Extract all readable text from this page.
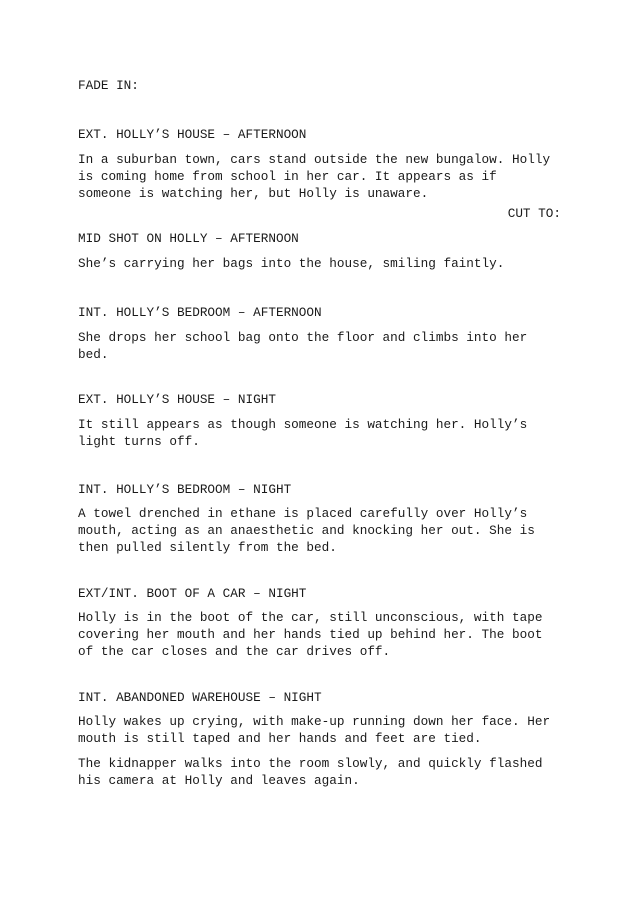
FADE IN:

EXT. HOLLY’S HOUSE – AFTERNOON

In a suburban town, cars stand outside the new bungalow. Holly

is coming home from school in her car. It appears as if

someone is watching her, but Holly is unaware.

CUT TO:

MID SHOT ON HOLLY – AFTERNOON

She’s carrying her bags into the house, smiling faintly.

INT. HOLLY’S BEDROOM – AFTERNOON

She drops her school bag onto the floor and climbs into her

bed.

EXT. HOLLY’S HOUSE – NIGHT

It still appears as though someone is watching her. Holly’s

light turns off.

INT. HOLLY’S BEDROOM – NIGHT

A towel drenched in ethane is placed carefully over Holly’s

mouth, acting as an anaesthetic and knocking her out. She is

then pulled silently from the bed.

EXT/INT. BOOT OF A CAR – NIGHT

Holly is in the boot of the car, still unconscious, with tape

covering her mouth and her hands tied up behind her. The boot

of the car closes and the car drives off.

INT. ABANDONED WAREHOUSE – NIGHT

Holly wakes up crying, with make-up running down her face. Her

mouth is still taped and her hands and feet are tied.

The kidnapper walks into the room slowly, and quickly flashed

his camera at Holly and leaves again.
